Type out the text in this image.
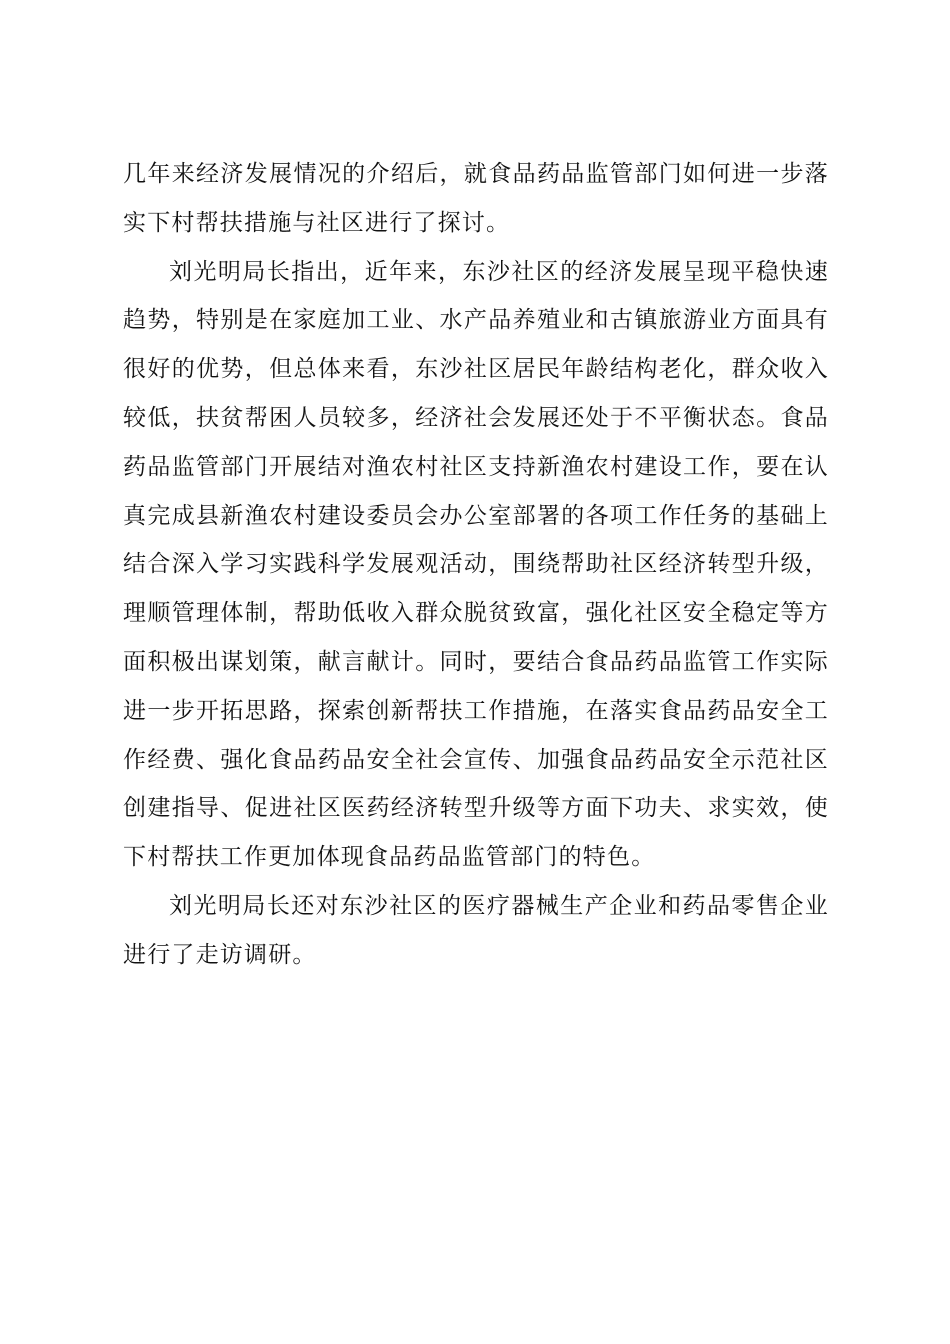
几年来经济发展情况的介绍后，就食品药品监管部门如何进一步落实下村帮扶措施与社区进行了探讨。

刘光明局长指出，近年来，东沙社区的经济发展呈现平稳快速趋势，特别是在家庭加工业、水产品养殖业和古镇旅游业方面具有很好的优势，但总体来看，东沙社区居民年龄结构老化，群众收入较低，扶贫帮困人员较多，经济社会发展还处于不平衡状态。食品药品监管部门开展结对渔农村社区支持新渔农村建设工作，要在认真完成县新渔农村建设委员会办公室部署的各项工作任务的基础上结合深入学习实践科学发展观活动，围绕帮助社区经济转型升级，理顺管理体制，帮助低收入群众脱贫致富，强化社区安全稳定等方面积极出谋划策，献言献计。同时，要结合食品药品监管工作实际进一步开拓思路，探索创新帮扶工作措施，在落实食品药品安全工作经费、强化食品药品安全社会宣传、加强食品药品安全示范社区创建指导、促进社区医药经济转型升级等方面下功夫、求实效，使下村帮扶工作更加体现食品药品监管部门的特色。

刘光明局长还对东沙社区的医疗器械生产企业和药品零售企业进行了走访调研。
